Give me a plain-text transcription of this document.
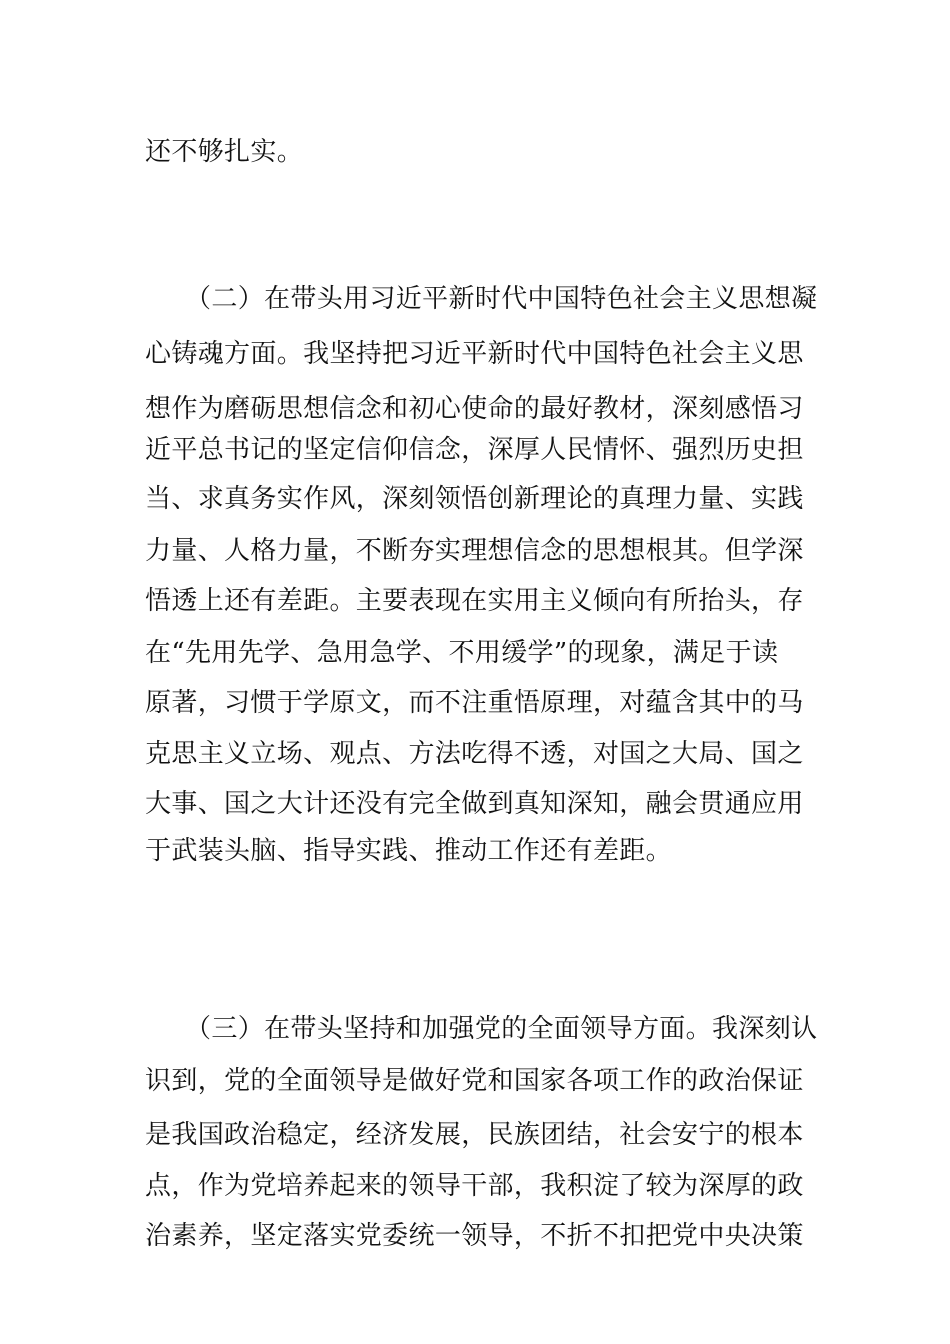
还不够扎实。
（二）在带头用习近平新时代中国特色社会主义思想凝
心铸魂方面。我坚持把习近平新时代中国特色社会主义思
想作为磨砺思想信念和初心使命的最好教材，深刻感悟习
近平总书记的坚定信仰信念，深厚人民情怀、强烈历史担
当、求真务实作风，深刻领悟创新理论的真理力量、实践
力量、人格力量，不断夯实理想信念的思想根其。但学深
悟透上还有差距。主要表现在实用主义倾向有所抬头，存
在“先用先学、急用急学、不用缓学”的现象，满足于读
原著，习惯于学原文，而不注重悟原理，对蕴含其中的马
克思主义立场、观点、方法吃得不透，对国之大局、国之
大事、国之大计还没有完全做到真知深知，融会贯通应用
于武装头脑、指导实践、推动工作还有差距。
（三）在带头坚持和加强党的全面领导方面。我深刻认
识到，党的全面领导是做好党和国家各项工作的政治保证
是我国政治稳定，经济发展，民族团结，社会安宁的根本
点，作为党培养起来的领导干部，我积淀了较为深厚的政
治素养，坚定落实党委统一领导，不折不扣把党中央决策
